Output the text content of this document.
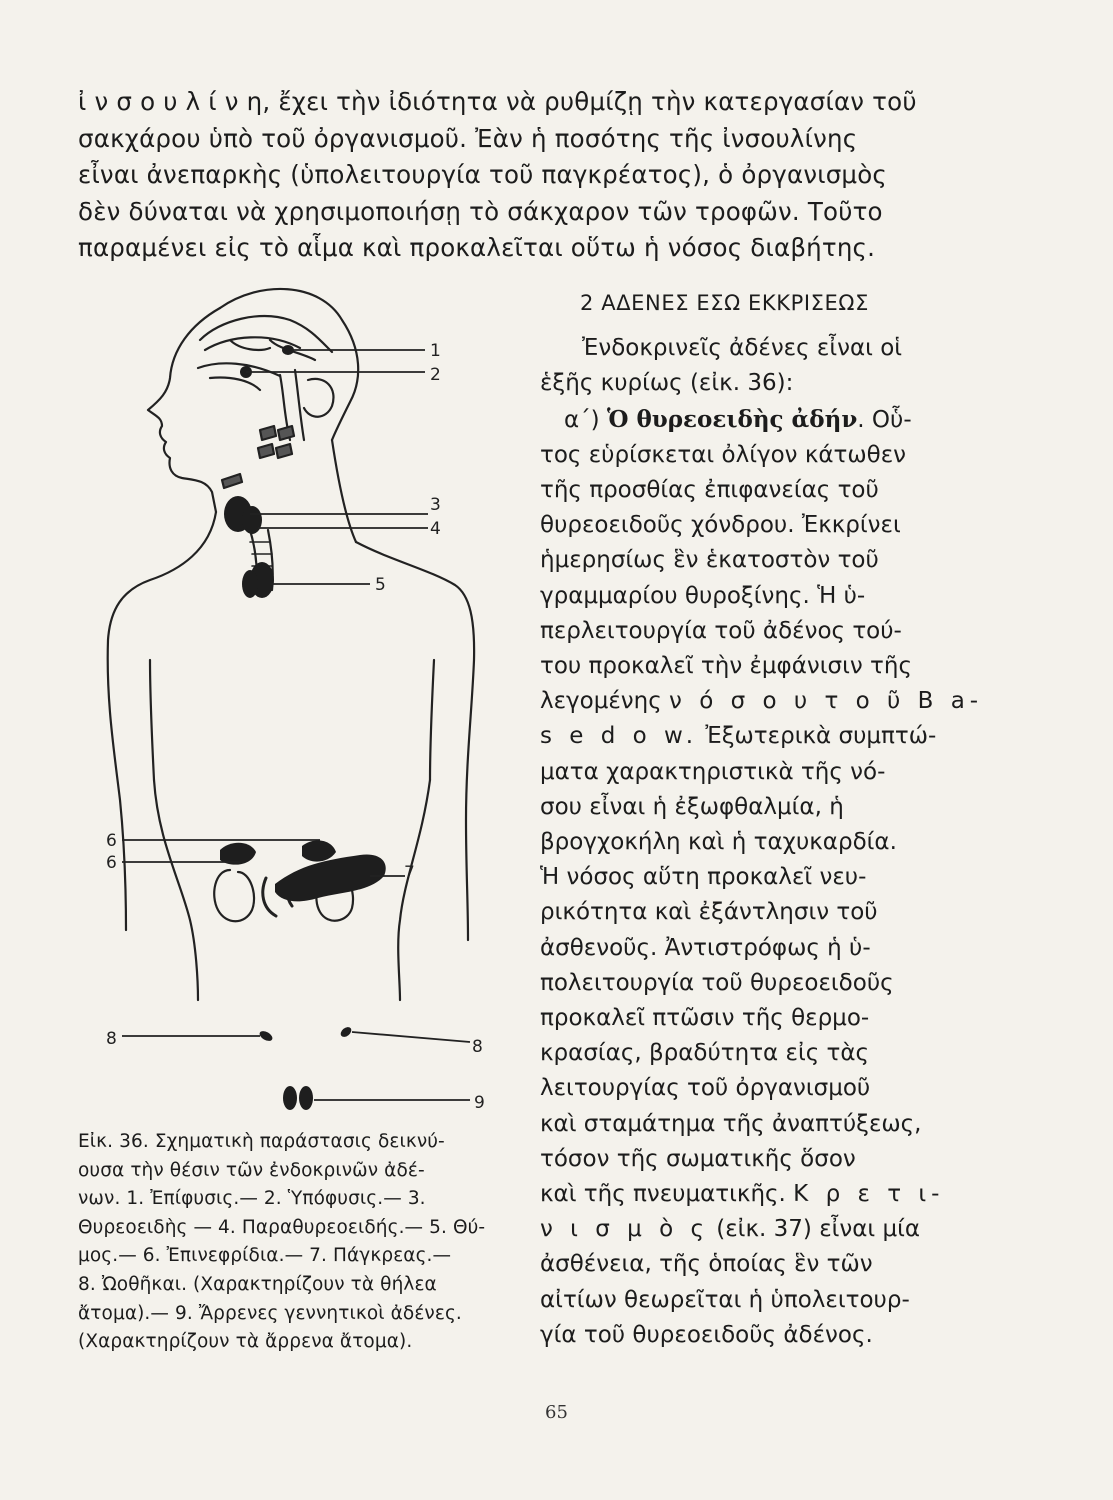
ἰ ν σ ο υ λ ί ν η, ἔχει τὴν ἰδιότητα νὰ ρυθμίζῃ τὴν κατεργασίαν τοῦ
σακχάρου ὑπὸ τοῦ ὀργανισμοῦ. Ἐὰν ἡ ποσότης τῆς ἰνσουλίνης
εἶναι ἀνεπαρκὴς (ὑπολειτουργία τοῦ παγκρέατος), ὁ ὀργανισμὸς
δὲν δύναται νὰ χρησιμοποιήσῃ τὸ σάκχαρον τῶν τροφῶν. Τοῦτο
παραμένει εἰς τὸ αἷμα καὶ προκαλεῖται οὕτω ἡ νόσος διαβήτης.
1
2
3
4
5
6
6	7
8	8
9
Εἰκ. 36. Σχηματικὴ παράστασις δεικνύ-
ουσα τὴν θέσιν τῶν ἐνδοκρινῶν ἀδέ-
νων. 1. Ἐπίφυσις.— 2. Ὑπόφυσις.— 3.
Θυρεοειδὴς — 4. Παραθυρεοειδής.— 5. Θύ-
μος.— 6. Ἐπινεφρίδια.— 7. Πάγκρεας.—
8. Ὠοθῆκαι. (Χαρακτηρίζουν τὰ θήλεα
ἄτομα).— 9. Ἄρρενες γεννητικοὶ ἀδένες.
(Χαρακτηρίζουν τὰ ἄρρενα ἄτομα).
2 ΑΔΕΝΕΣ ΕΣΩ ΕΚΚΡΙΣΕΩΣ
Ἐνδοκρινεῖς ἀδένες εἶναι οἱ
ἑξῆς κυρίως (εἰκ. 36):
α΄) Ὁ θυρεοειδὴς ἀδήν. Οὗ-
τος εὑρίσκεται ὀλίγον κάτωθεν
τῆς προσθίας ἐπιφανείας τοῦ
θυρεοειδοῦς χόνδρου. Ἐκκρίνει
ἡμερησίως ἓν ἑκατοστὸν τοῦ
γραμμαρίου θυροξίνης. Ἡ ὑ-
περλειτουργία τοῦ ἀδένος τού-
του προκαλεῖ τὴν ἐμφάνισιν τῆς
λεγομένης ν ό σ ο υ τ ο ῦ B a-
s e d o w. Ἐξωτερικὰ συμπτώ-
ματα χαρακτηριστικὰ τῆς νό-
σου εἶναι ἡ ἐξωφθαλμία, ἡ
βρογχοκήλη καὶ ἡ ταχυκαρδία.
Ἡ νόσος αὕτη προκαλεῖ νευ-
ρικότητα καὶ ἐξάντλησιν τοῦ
ἀσθενοῦς. Ἀντιστρόφως ἡ ὑ-
πολειτουργία τοῦ θυρεοειδοῦς
προκαλεῖ πτῶσιν τῆς θερμο-
κρασίας, βραδύτητα εἰς τὰς
λειτουργίας τοῦ ὀργανισμοῦ
καὶ σταμάτημα τῆς ἀναπτύξεως,
τόσον τῆς σωματικῆς ὅσον
καὶ τῆς πνευματικῆς. Κ ρ ε τ ι-
ν ι σ μ ὸ ς (εἰκ. 37) εἶναι μία
ἀσθένεια, τῆς ὁποίας ἓν τῶν
αἰτίων θεωρεῖται ἡ ὑπολειτουρ-
γία τοῦ θυρεοειδοῦς ἀδένος.
65
